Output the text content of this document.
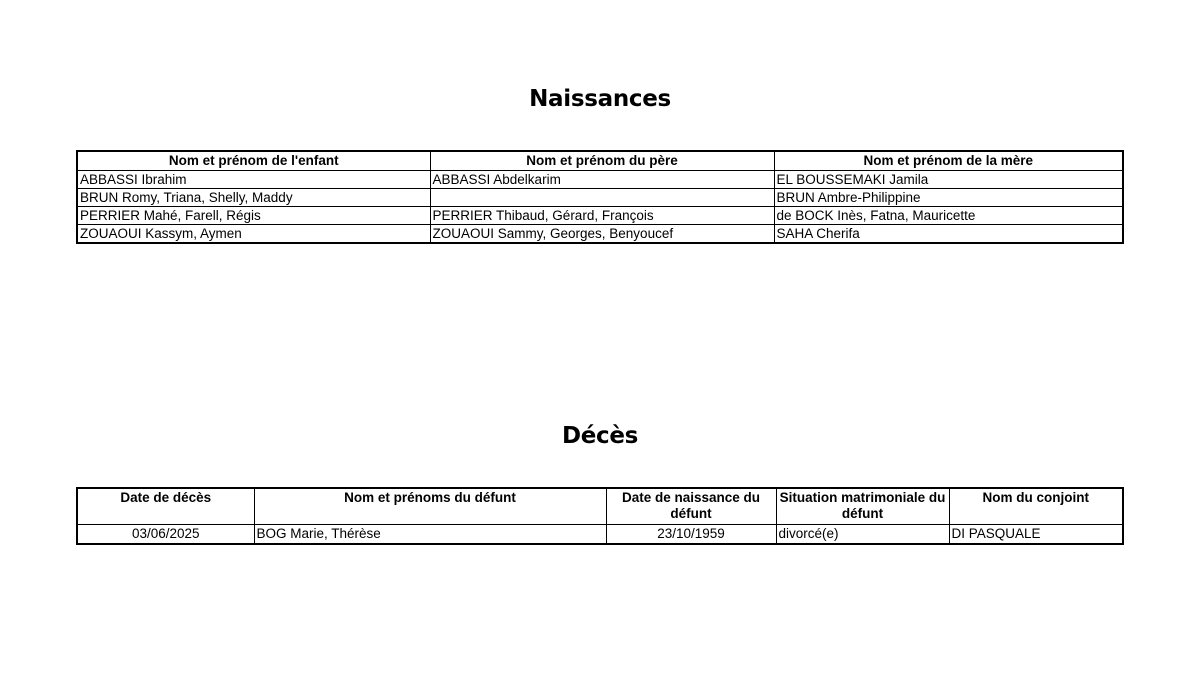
Naissances
Nom et prénom de l'enfant	Nom et prénom du père	Nom et prénom de la mère
ABBASSI Ibrahim	ABBASSI Abdelkarim	EL BOUSSEMAKI Jamila
BRUN Romy, Triana, Shelly, Maddy		BRUN Ambre-Philippine
PERRIER Mahé, Farell, Régis	PERRIER Thibaud, Gérard, François	de BOCK Inès, Fatna, Mauricette
ZOUAOUI Kassym, Aymen	ZOUAOUI Sammy, Georges, Benyoucef	SAHA Cherifa
Décès
Date de décès	Nom et prénoms du défunt	Date de naissance du défunt	Situation matrimoniale du défunt	Nom du conjoint
03/06/2025	BOG Marie, Thérèse	23/10/1959	divorcé(e)	DI PASQUALE
